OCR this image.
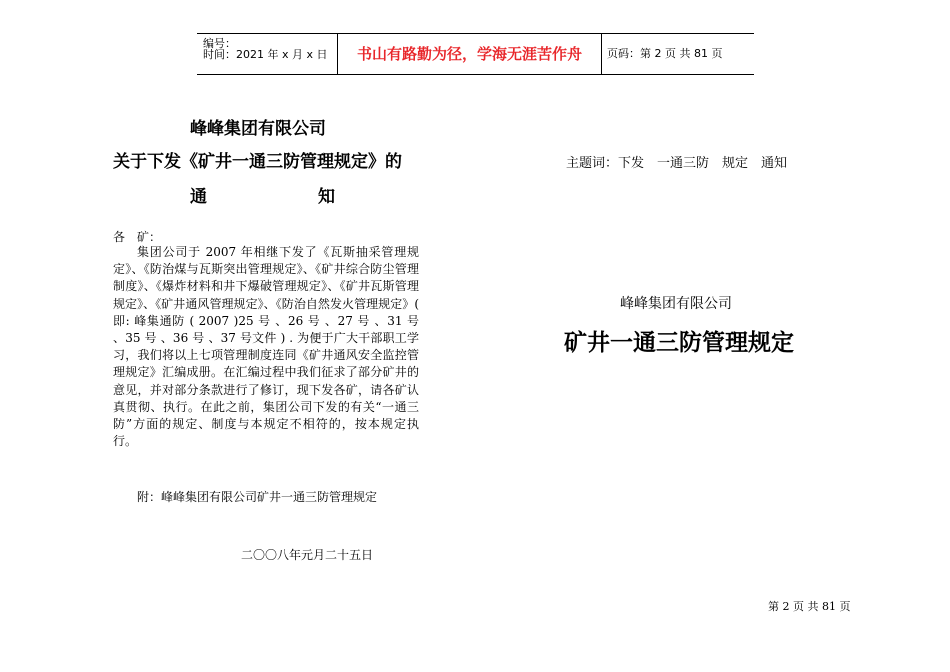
编号：
时间：2021 年 x 月 x 日	书山有路勤为径，学海无涯苦作舟	页码：第 2 页 共 81 页
峰峰集团有限公司
关于下发《矿井一通三防管理规定》的
通	知
各　矿：

集团公司于 2007 年相继下发了《瓦斯抽采管理规定》、《防治煤与瓦斯突出管理规定》、《矿井综合防尘管理制度》、《爆炸材料和井下爆破管理规定》、《矿井瓦斯管理规定》、《矿井通风管理规定》、《防治自然发火管理规定》( 即: 峰集通防 ( 2007 )25 号 、26 号 、27 号 、31 号 、35 号 、36 号 、37 号文件 ) . 为便于广大干部职工学习，我们将以上七项管理制度连同《矿井通风安全监控管理规定》汇编成册。在汇编过程中我们征求了部分矿井的意见，并对部分条款进行了修订，现下发各矿，请各矿认真贯彻、执行。在此之前，集团公司下发的有关“一通三防”方面的规定、制度与本规定不相符的，按本规定执行。

附：峰峰集团有限公司矿井一通三防管理规定
二〇〇八年元月二十五日
主题词：下发　一通三防　规定　通知
峰峰集团有限公司
矿井一通三防管理规定
第 2 页 共 81 页
